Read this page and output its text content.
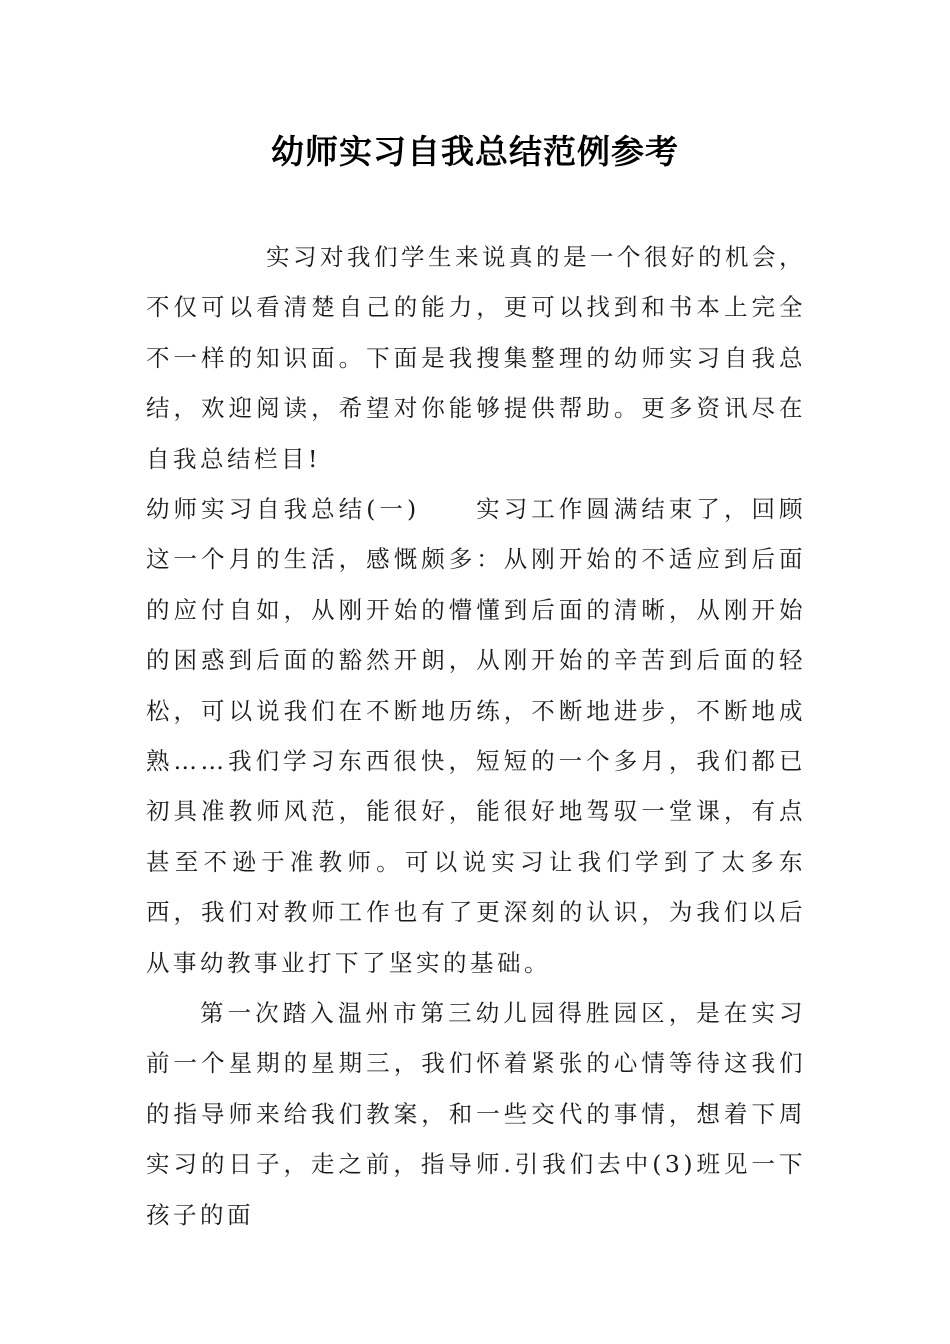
幼师实习自我总结范例参考

实习对我们学生来说真的是一个很好的机会，不仅可以看清楚自己的能力，更可以找到和书本上完全不一样的知识面。下面是我搜集整理的幼师实习自我总结，欢迎阅读，希望对你能够提供帮助。更多资讯尽在自我总结栏目!

幼师实习自我总结(一) 实习工作圆满结束了，回顾这一个月的生活，感慨颇多：从刚开始的不适应到后面的应付自如，从刚开始的懵懂到后面的清晰，从刚开始的困惑到后面的豁然开朗，从刚开始的辛苦到后面的轻松，可以说我们在不断地历练，不断地进步，不断地成熟……我们学习东西很快，短短的一个多月，我们都已初具准教师风范，能很好，能很好地驾驭一堂课，有点甚至不逊于准教师。可以说实习让我们学到了太多东西，我们对教师工作也有了更深刻的认识，为我们以后从事幼教事业打下了坚实的基础。

第一次踏入温州市第三幼儿园得胜园区，是在实习前一个星期的星期三，我们怀着紧张的心情等待这我们的指导师来给我们教案，和一些交代的事情，想着下周实习的日子，走之前，指导师.引我们去中(3)班见一下孩子的面
